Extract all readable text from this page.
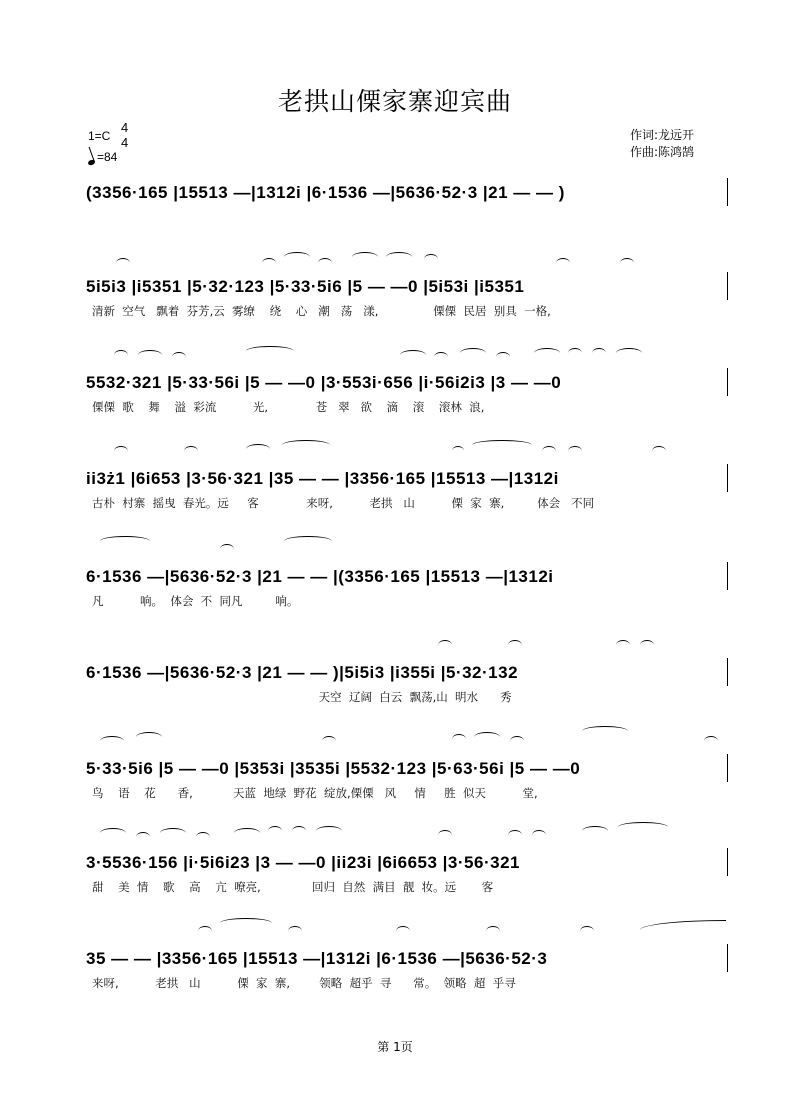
老拱山傈家寨迎宾曲
1=C
4
4
=84
作词:龙远开
作曲:陈鸿鹄
(3356·165 |15513 —|1312i |6·1536 —|5636·52·3 |21 — — )
5i5i3 |i5351 |5·32·123 |5·33·5i6 |5 — —0 |5i53i |i5351
清新  空气   飘着  芬芳,云  雾缭    绕    心   潮   荡   漾,               傈傈  民居  别具  一格,
5532·321 |5·33·56i |5 — —0 |3·553i·656 |i·56i2i3 |3 — —0
傈傈  歌    舞    溢  彩流          光,             苍   翠   欲    滴    滚    滚林  浪,
ii3ż1 |6i653 |3·56·321 |35 — — |3356·165 |15513 —|1312i
古朴  村寨  摇曳  春光。远     客             来呀,          老拱   山          傈  家  寨,         体会   不同
6·1536 —|5636·52·3 |21 — — |(3356·165 |15513 —|1312i
凡          响。  体会  不  同凡         响。
6·1536 —|5636·52·3 |21 — — )|5i5i3 |i355i |5·32·132
天空  辽阔  白云  飘荡,山  明水      秀
5·33·5i6 |5 — —0 |5353i |3535i |5532·123 |5·63·56i |5 — —0
鸟    语    花      香,           天蓝  地绿  野花  绽放,傈傈   风     情     胜  似天          堂,
3·5536·156 |i·5i6i23 |3 — —0 |ii23i |6i6653 |3·56·321
甜    美  情    歌    高    亢  嘹亮,              回归  自然  满目  靓  妆。远       客
35 — — |3356·165 |15513 —|1312i |6·1536 —|5636·52·3
来呀,          老拱   山          傈  家  寨,        领略  超乎  寻      常。  领略  超  乎寻
第 1页
